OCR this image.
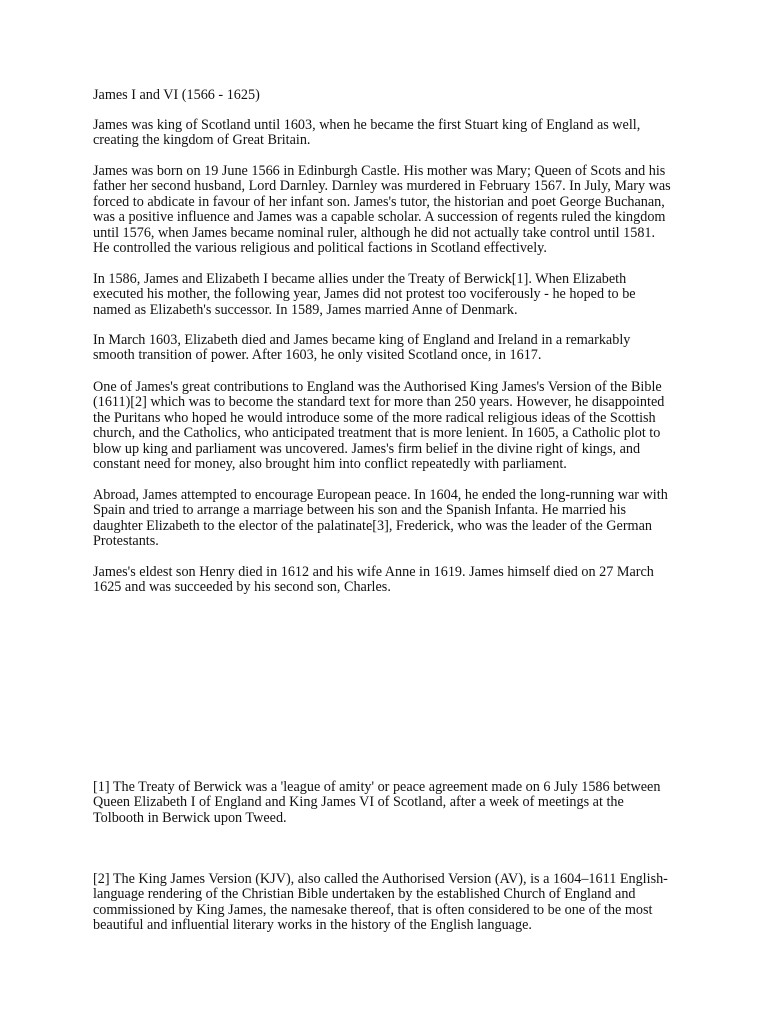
James I and VI (1566 - 1625)

James was king of Scotland until 1603, when he became the first Stuart king of England as well,
creating the kingdom of Great Britain.

James was born on 19 June 1566 in Edinburgh Castle. His mother was Mary; Queen of Scots and his
father her second husband, Lord Darnley. Darnley was murdered in February 1567. In July, Mary was
forced to abdicate in favour of her infant son. James's tutor, the historian and poet George Buchanan,
was a positive influence and James was a capable scholar. A succession of regents ruled the kingdom
until 1576, when James became nominal ruler, although he did not actually take control until 1581.
He controlled the various religious and political factions in Scotland effectively.

In 1586, James and Elizabeth I became allies under the Treaty of Berwick[1]. When Elizabeth
executed his mother, the following year, James did not protest too vociferously - he hoped to be
named as Elizabeth's successor. In 1589, James married Anne of Denmark.

In March 1603, Elizabeth died and James became king of England and Ireland in a remarkably
smooth transition of power. After 1603, he only visited Scotland once, in 1617.

One of James's great contributions to England was the Authorised King James's Version of the Bible
(1611)[2] which was to become the standard text for more than 250 years. However, he disappointed
the Puritans who hoped he would introduce some of the more radical religious ideas of the Scottish
church, and the Catholics, who anticipated treatment that is more lenient. In 1605, a Catholic plot to
blow up king and parliament was uncovered. James's firm belief in the divine right of kings, and
constant need for money, also brought him into conflict repeatedly with parliament.

Abroad, James attempted to encourage European peace. In 1604, he ended the long-running war with
Spain and tried to arrange a marriage between his son and the Spanish Infanta. He married his
daughter Elizabeth to the elector of the palatinate[3], Frederick, who was the leader of the German
Protestants.

James's eldest son Henry died in 1612 and his wife Anne in 1619. James himself died on 27 March
1625 and was succeeded by his second son, Charles.

[1] The Treaty of Berwick was a 'league of amity' or peace agreement made on 6 July 1586 between
Queen Elizabeth I of England and King James VI of Scotland, after a week of meetings at the
Tolbooth in Berwick upon Tweed.

[2] The King James Version (KJV), also called the Authorised Version (AV), is a 1604–1611 English-
language rendering of the Christian Bible undertaken by the established Church of England and
commissioned by King James, the namesake thereof, that is often considered to be one of the most
beautiful and influential literary works in the history of the English language.
